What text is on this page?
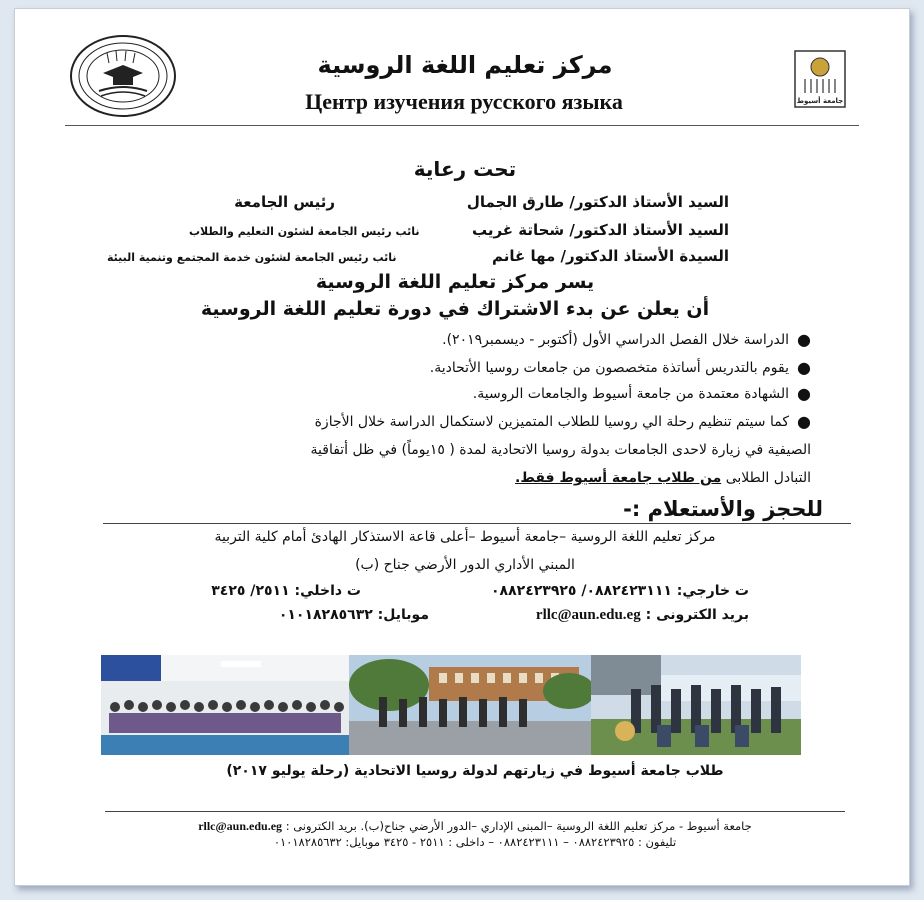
جامعة أسيوط
مركز تعليم اللغة الروسية
Центр изучения русского языка
تحت رعاية
السيد الأستاذ الدكتور/ طارق الجمال
رئيس الجامعة
السيد الأستاذ الدكتور/ شحاتة غريب
نائب رئيس الجامعة لشئون التعليم والطلاب
السيدة الأستاذ الدكتور/ مها غانم
نائب رئيس الجامعة لشئون خدمة المجتمع وتنمية البيئة
يسر مركز تعليم اللغة الروسية
أن يعلن عن بدء الاشتراك في دورة تعليم اللغة الروسية
●
الدراسة خلال الفصل الدراسي الأول (أكتوبر - ديسمبر٢٠١٩).
●
يقوم بالتدريس أساتذة متخصصون من جامعات روسيا الأتحادية.
●
الشهادة معتمدة من جامعة أسيوط والجامعات الروسية.
●
كما سيتم تنظيم رحلة الي روسيا للطلاب المتميزين لاستكمال الدراسة خلال الأجازة
الصيفية في زيارة لاحدى الجامعات بدولة روسيا الاتحادية لمدة ( ١٥يوماً) في ظل أتفاقية
التبادل الطلابى من طلاب جامعة أسيوط فقط.
للحجز والأستعلام :-
مركز تعليم اللغة الروسية –جامعة أسيوط –أعلى قاعة الاستذكار الهادئ أمام كلية التربية
المبني الأداري الدور الأرضي جناح (ب)
ت خارجي: ٠٨٨٢٤٢٣١١١/ ٠٨٨٢٤٢٣٩٢٥
ت داخلي: ٢٥١١/ ٣٤٢٥
بريد الكترونى : rllc@aun.edu.eg
موبايل: ٠١٠١٨٢٨٥٦٣٢
طلاب جامعة أسيوط في زيارتهم لدولة روسيا الاتحادية (رحلة يوليو ٢٠١٧)
جامعة أسيوط - مركز تعليم اللغة الروسية –المبنى الإداري –الدور الأرضي جناح(ب). بريد الكترونى : rllc@aun.edu.eg
تليفون : ٠٨٨٢٤٢٣٩٢٥ – ٠٨٨٢٤٢٣١١١ – داخلى : ٢٥١١ - ٣٤٢٥ موبايل: ٠١٠١٨٢٨٥٦٣٢
